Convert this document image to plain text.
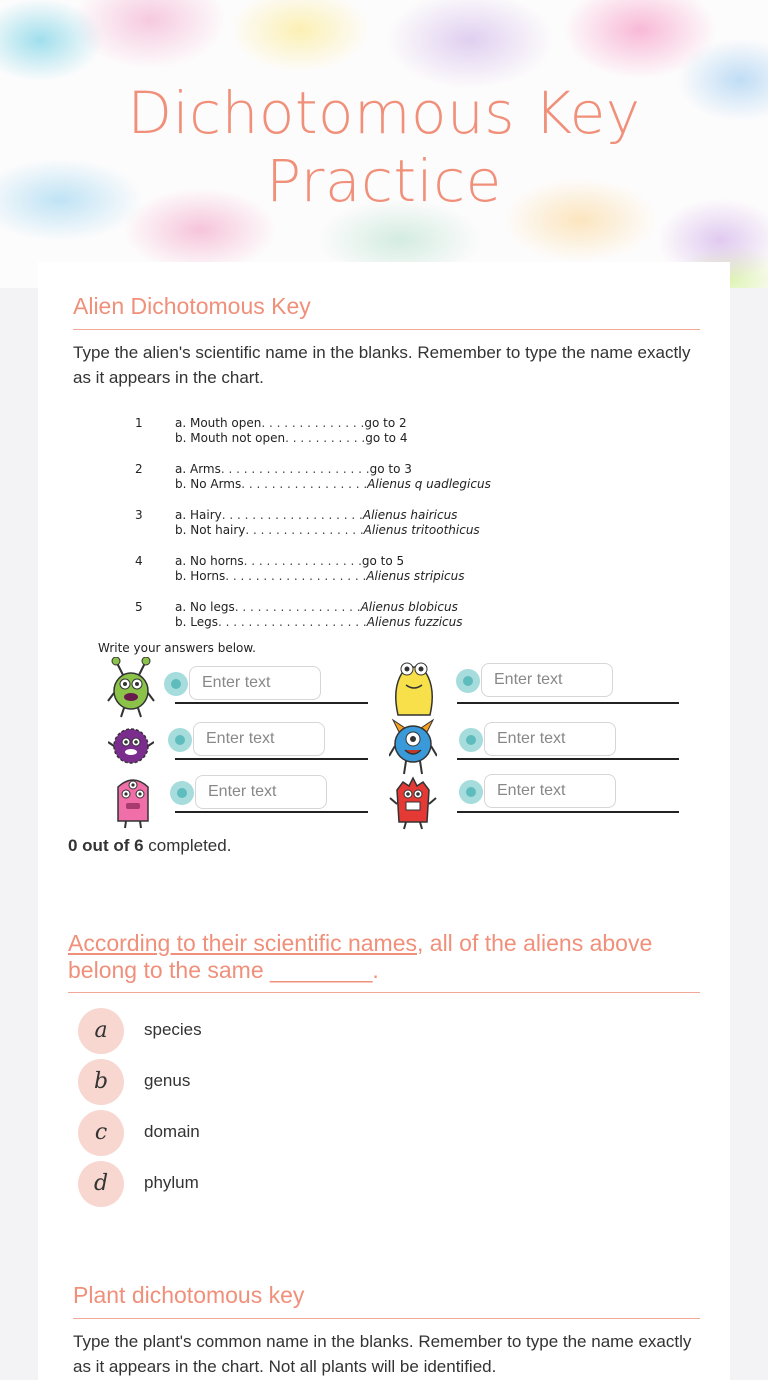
Dichotomous Key
Practice
Alien Dichotomous Key
Type the alien's scientific name in the blanks. Remember to type the name exactly as it appears in the chart.
1	a. Mouth open. . . . . . . . . . . . . .go to 2
b. Mouth not open. . . . . . . . . . .go to 4
2	a. Arms. . . . . . . . . . . . . . . . . . . .go to 3
b. No Arms. . . . . . . . . . . . . . . . .Alienus q uadlegicus
3	a. Hairy. . . . . . . . . . . . . . . . . . .Alienus hairicus
b. Not hairy. . . . . . . . . . . . . . . .Alienus tritoothicus
4	a. No horns. . . . . . . . . . . . . . . .go to 5
b. Horns. . . . . . . . . . . . . . . . . . .Alienus stripicus
5	a. No legs. . . . . . . . . . . . . . . . .Alienus blobicus
b. Legs. . . . . . . . . . . . . . . . . . . .Alienus fuzzicus
Write your answers below.
Enter text
Enter text
Enter text
Enter text
Enter text
Enter text
0 out of 6 completed.
According to their scientific names, all of the aliens above belong to the same ________.
a	species
b	genus
c	domain
d	phylum
Plant dichotomous key
Type the plant's common name in the blanks. Remember to type the name exactly as it appears in the chart. Not all plants will be identified.
